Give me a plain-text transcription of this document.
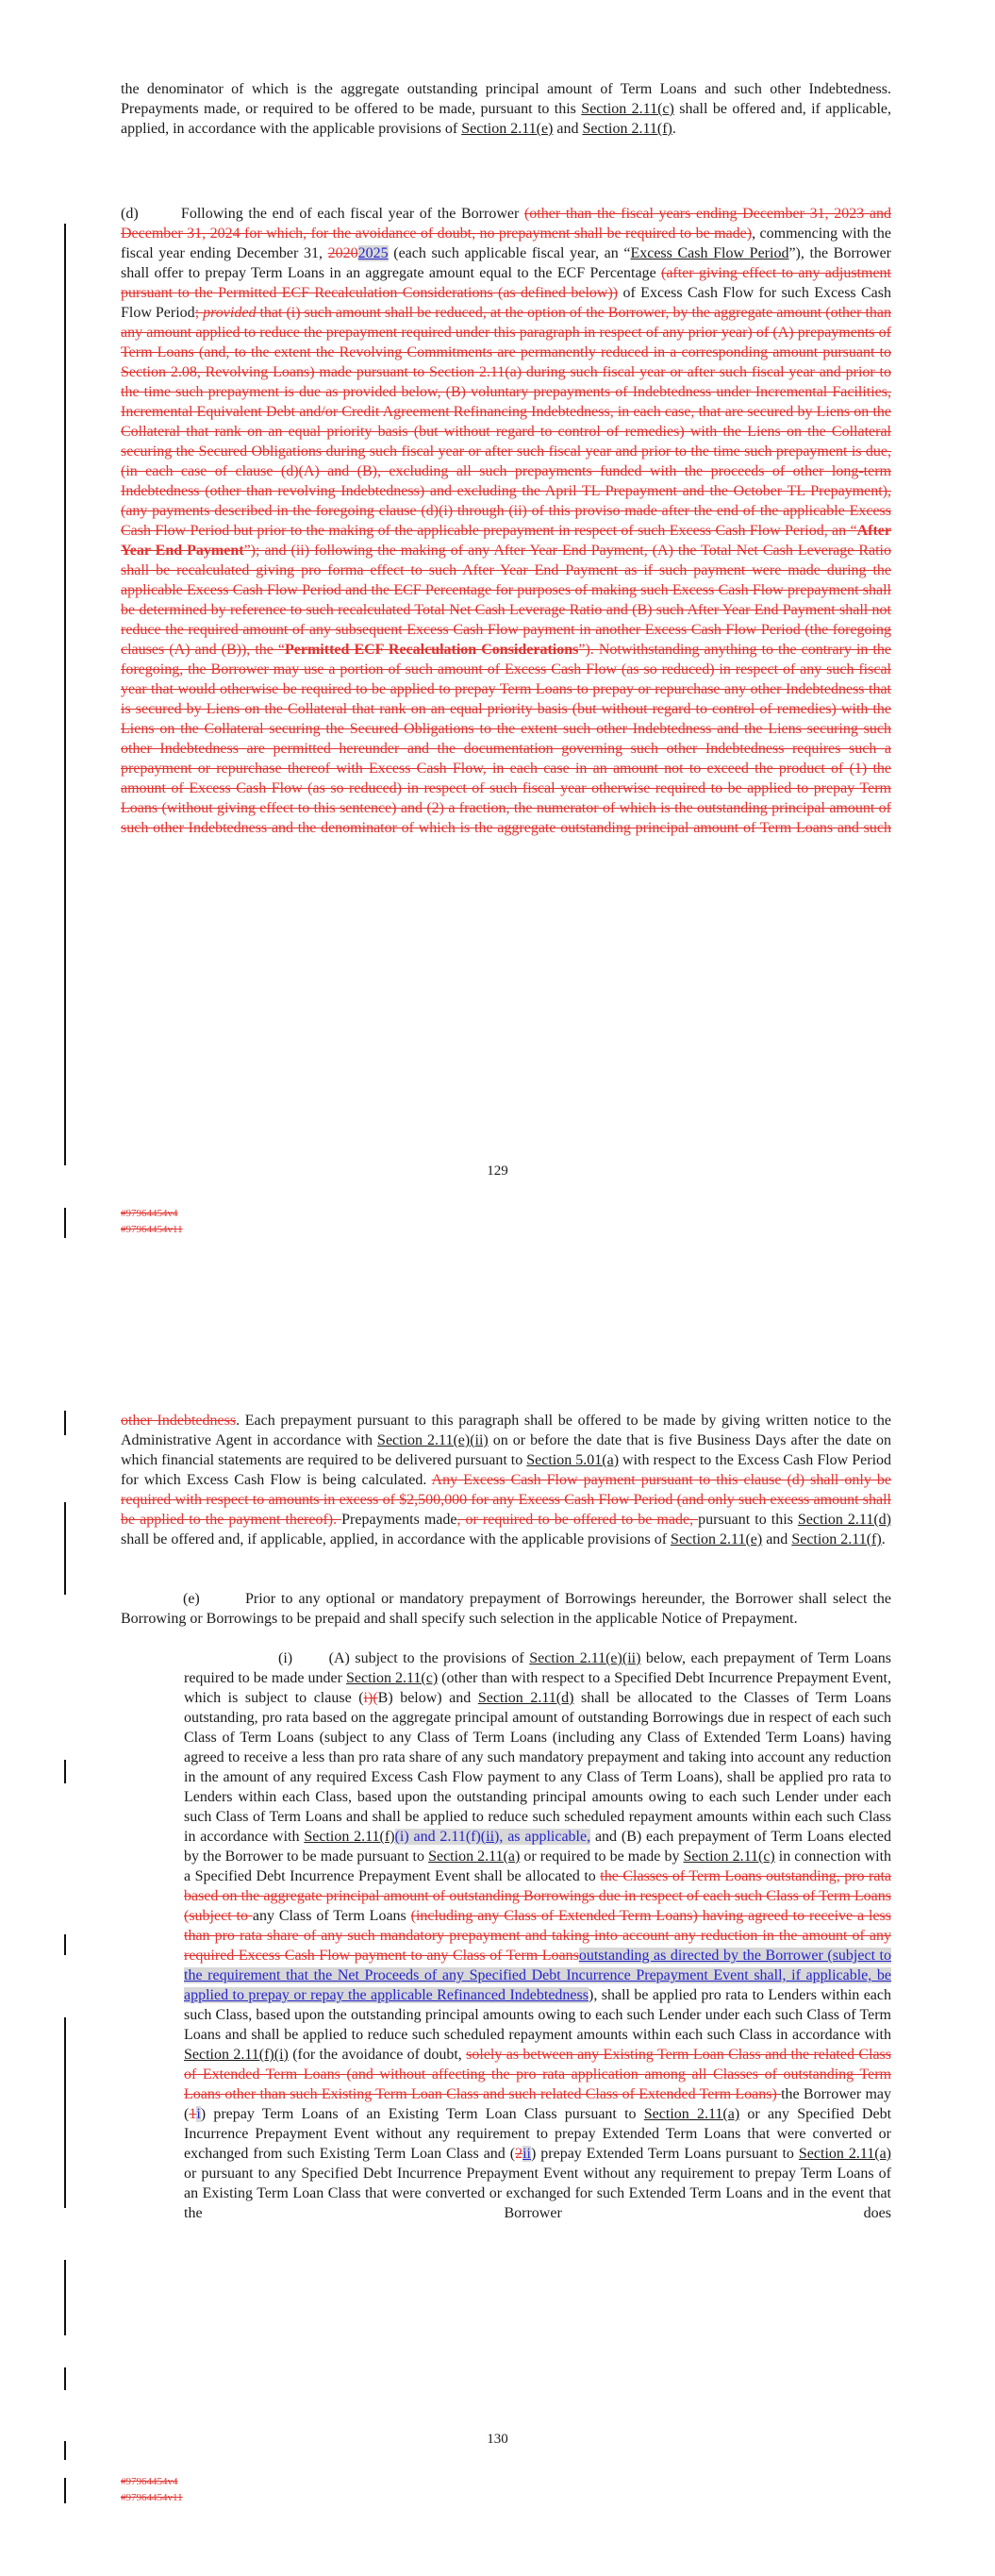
the denominator of which is the aggregate outstanding principal amount of Term Loans and such other Indebtedness. Prepayments made, or required to be offered to be made, pursuant to this Section 2.11(c) shall be offered and, if applicable, applied, in accordance with the applicable provisions of Section 2.11(e) and Section 2.11(f).

(d)        Following the end of each fiscal year of the Borrower (other than the fiscal years ending December 31, 2023 and December 31, 2024 for which, for the avoidance of doubt, no prepayment shall be required to be made), commencing with the fiscal year ending December 31, 20202025 (each such applicable fiscal year, an “Excess Cash Flow Period”), the Borrower shall offer to prepay Term Loans in an aggregate amount equal to the ECF Percentage (after giving effect to any adjustment pursuant to the Permitted ECF Recalculation Considerations (as defined below)) of Excess Cash Flow for such Excess Cash Flow Period; provided that (i) such amount shall be reduced, at the option of the Borrower, by the aggregate amount (other than any amount applied to reduce the prepayment required under this paragraph in respect of any prior year) of (A) prepayments of Term Loans (and, to the extent the Revolving Commitments are permanently reduced in a corresponding amount pursuant to Section 2.08, Revolving Loans) made pursuant to Section 2.11(a) during such fiscal year or after such fiscal year and prior to the time such prepayment is due as provided below, (B) voluntary prepayments of Indebtedness under Incremental Facilities, Incremental Equivalent Debt and/or Credit Agreement Refinancing Indebtedness, in each case, that are secured by Liens on the Collateral that rank on an equal priority basis (but without regard to control of remedies) with the Liens on the Collateral securing the Secured Obligations during such fiscal year or after such fiscal year and prior to the time such prepayment is due, (in each case of clause (d)(A) and (B), excluding all such prepayments funded with the proceeds of other long-term Indebtedness (other than revolving Indebtedness) and excluding the April TL Prepayment and the October TL Prepayment), (any payments described in the foregoing clause (d)(i) through (ii) of this proviso made after the end of the applicable Excess Cash Flow Period but prior to the making of the applicable prepayment in respect of such Excess Cash Flow Period, an “After Year End Payment”); and (ii) following the making of any After Year End Payment, (A) the Total Net Cash Leverage Ratio shall be recalculated giving pro forma effect to such After Year End Payment as if such payment were made during the applicable Excess Cash Flow Period and the ECF Percentage for purposes of making such Excess Cash Flow prepayment shall be determined by reference to such recalculated Total Net Cash Leverage Ratio and (B) such After Year End Payment shall not reduce the required amount of any subsequent Excess Cash Flow payment in another Excess Cash Flow Period (the foregoing clauses (A) and (B)), the “Permitted ECF Recalculation Considerations”). Notwithstanding anything to the contrary in the foregoing, the Borrower may use a portion of such amount of Excess Cash Flow (as so reduced) in respect of any such fiscal year that would otherwise be required to be applied to prepay Term Loans to prepay or repurchase any other Indebtedness that is secured by Liens on the Collateral that rank on an equal priority basis (but without regard to control of remedies) with the Liens on the Collateral securing the Secured Obligations to the extent such other Indebtedness and the Liens securing such other Indebtedness are permitted hereunder and the documentation governing such other Indebtedness requires such a prepayment or repurchase thereof with Excess Cash Flow, in each case in an amount not to exceed the product of (1) the amount of Excess Cash Flow (as so reduced) in respect of such fiscal year otherwise required to be applied to prepay Term Loans (without giving effect to this sentence) and (2) a fraction, the numerator of which is the outstanding principal amount of such other Indebtedness and the denominator of which is the aggregate outstanding principal amount of Term Loans and such

129
#97964454v4
#97964454v11

other Indebtedness. Each prepayment pursuant to this paragraph shall be offered to be made by giving written notice to the Administrative Agent in accordance with Section 2.11(e)(ii) on or before the date that is five Business Days after the date on which financial statements are required to be delivered pursuant to Section 5.01(a) with respect to the Excess Cash Flow Period for which Excess Cash Flow is being calculated. Any Excess Cash Flow payment pursuant to this clause (d) shall only be required with respect to amounts in excess of $2,500,000 for any Excess Cash Flow Period (and only such excess amount shall be applied to the payment thereof). Prepayments made, or required to be offered to be made, pursuant to this Section 2.11(d) shall be offered and, if applicable, applied, in accordance with the applicable provisions of Section 2.11(e) and Section 2.11(f).

(e)        Prior to any optional or mandatory prepayment of Borrowings hereunder, the Borrower shall select the Borrowing or Borrowings to be prepaid and shall specify such selection in the applicable Notice of Prepayment.

(i)       (A) subject to the provisions of Section 2.11(e)(ii) below, each prepayment of Term Loans required to be made under Section 2.11(c) (other than with respect to a Specified Debt Incurrence Prepayment Event, which is subject to clause (i)(B) below) and Section 2.11(d) shall be allocated to the Classes of Term Loans outstanding, pro rata based on the aggregate principal amount of outstanding Borrowings due in respect of each such Class of Term Loans (subject to any Class of Term Loans (including any Class of Extended Term Loans) having agreed to receive a less than pro rata share of any such mandatory prepayment and taking into account any reduction in the amount of any required Excess Cash Flow payment to any Class of Term Loans), shall be applied pro rata to Lenders within each Class, based upon the outstanding principal amounts owing to each such Lender under each such Class of Term Loans and shall be applied to reduce such scheduled repayment amounts within each such Class in accordance with Section 2.11(f)(i) and 2.11(f)(ii), as applicable, and (B) each prepayment of Term Loans elected by the Borrower to be made pursuant to Section 2.11(a) or required to be made by Section 2.11(c) in connection with a Specified Debt Incurrence Prepayment Event shall be allocated to the Classes of Term Loans outstanding, pro rata based on the aggregate principal amount of outstanding Borrowings due in respect of each such Class of Term Loans (subject to any Class of Term Loans (including any Class of Extended Term Loans) having agreed to receive a less than pro rata share of any such mandatory prepayment and taking into account any reduction in the amount of any required Excess Cash Flow payment to any Class of Term Loansoutstanding as directed by the Borrower (subject to the requirement that the Net Proceeds of any Specified Debt Incurrence Prepayment Event shall, if applicable, be applied to prepay or repay the applicable Refinanced Indebtedness), shall be applied pro rata to Lenders within each such Class, based upon the outstanding principal amounts owing to each such Lender under each such Class of Term Loans and shall be applied to reduce such scheduled repayment amounts within each such Class in accordance with Section 2.11(f)(i) (for the avoidance of doubt, solely as between any Existing Term Loan Class and the related Class of Extended Term Loans (and without affecting the pro rata application among all Classes of outstanding Term Loans other than such Existing Term Loan Class and such related Class of Extended Term Loans) the Borrower may (1i) prepay Term Loans of an Existing Term Loan Class pursuant to Section 2.11(a) or any Specified Debt Incurrence Prepayment Event without any requirement to prepay Extended Term Loans that were converted or exchanged from such Existing Term Loan Class and (2ii) prepay Extended Term Loans pursuant to Section 2.11(a) or pursuant to any Specified Debt Incurrence Prepayment Event without any requirement to prepay Term Loans of an Existing Term Loan Class that were converted or exchanged for such Extended Term Loans and in the event that the Borrower does

130
#97964454v4
#97964454v11
